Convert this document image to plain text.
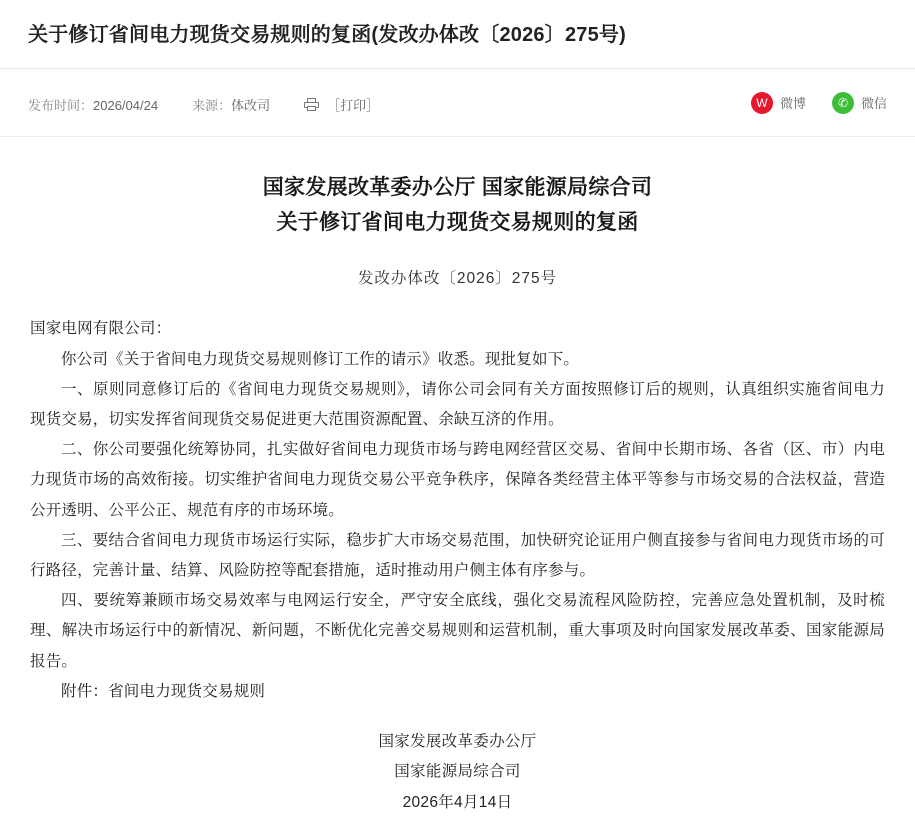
关于修订省间电力现货交易规则的复函(发改办体改〔2026〕275号)
发布时间：2026/04/24	来源：体改司	［打印］	W 微博	✆ 微信
国家发展改革委办公厅 国家能源局综合司
关于修订省间电力现货交易规则的复函
发改办体改〔2026〕275号

国家电网有限公司：

你公司《关于省间电力现货交易规则修订工作的请示》收悉。现批复如下。

一、原则同意修订后的《省间电力现货交易规则》，请你公司会同有关方面按照修订后的规则，认真组织实施省间电力现货交易，切实发挥省间现货交易促进更大范围资源配置、余缺互济的作用。

二、你公司要强化统筹协同，扎实做好省间电力现货市场与跨电网经营区交易、省间中长期市场、各省（区、市）内电力现货市场的高效衔接。切实维护省间电力现货交易公平竞争秩序，保障各类经营主体平等参与市场交易的合法权益，营造公开透明、公平公正、规范有序的市场环境。

三、要结合省间电力现货市场运行实际，稳步扩大市场交易范围，加快研究论证用户侧直接参与省间电力现货市场的可行路径，完善计量、结算、风险防控等配套措施，适时推动用户侧主体有序参与。

四、要统筹兼顾市场交易效率与电网运行安全，严守安全底线，强化交易流程风险防控，完善应急处置机制，及时梳理、解决市场运行中的新情况、新问题，不断优化完善交易规则和运营机制，重大事项及时向国家发展改革委、国家能源局报告。

附件：省间电力现货交易规则

国家发展改革委办公厅
国家能源局综合司
2026年4月14日
